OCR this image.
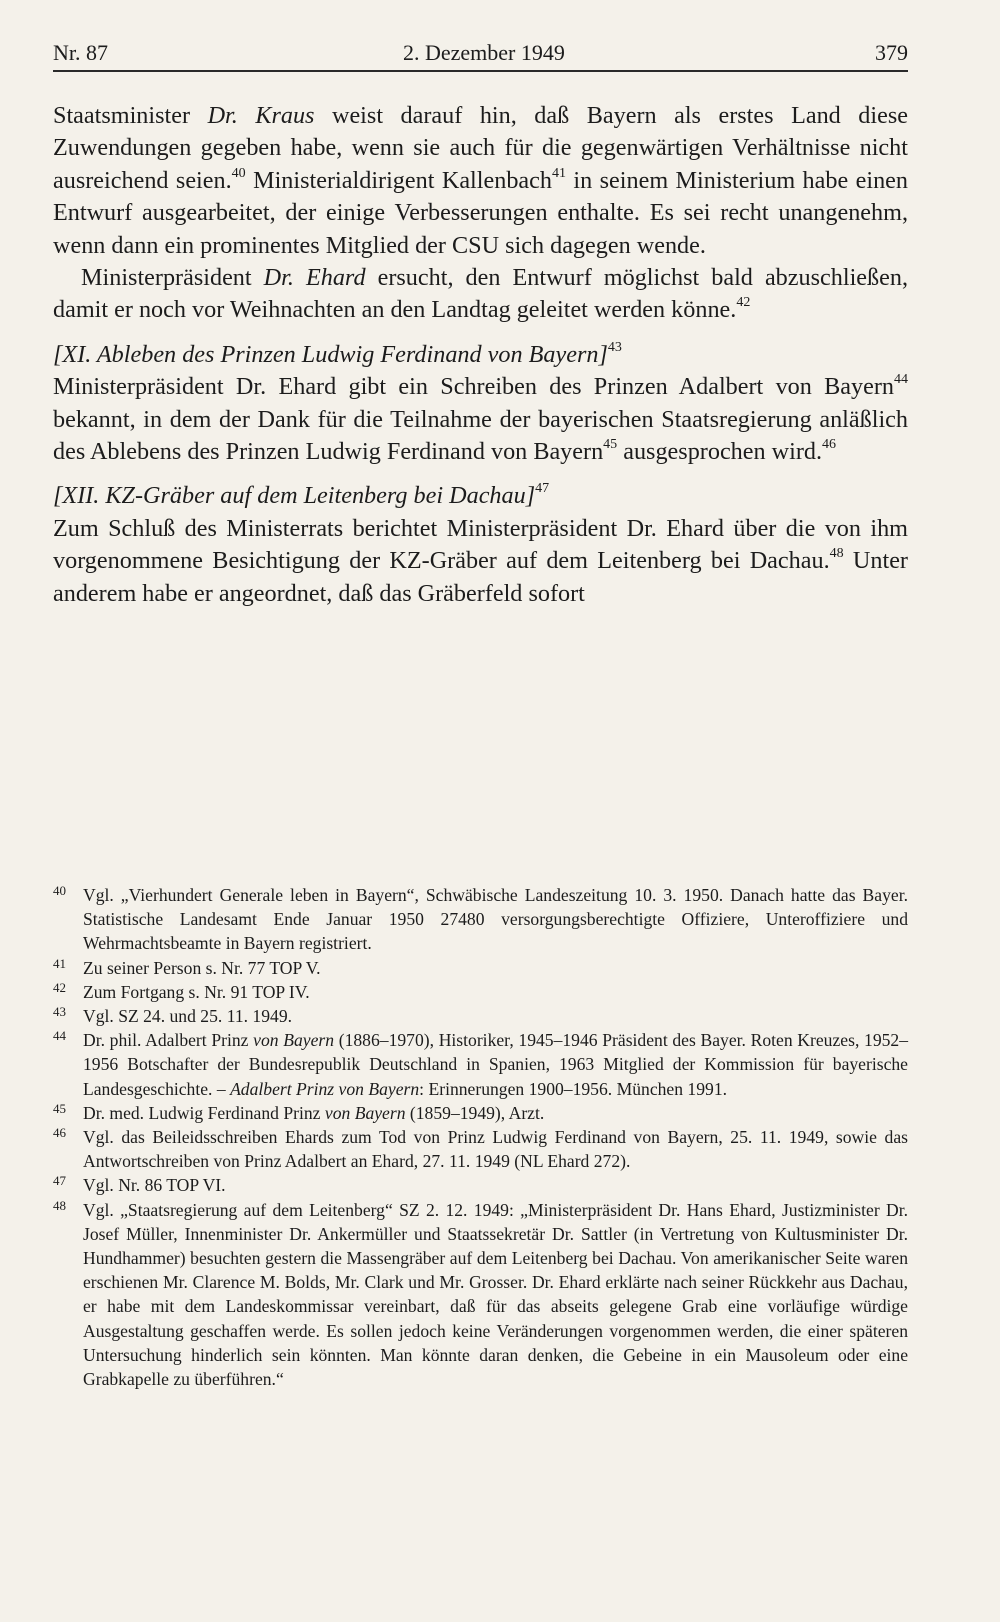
Nr. 87	2. Dezember 1949	379

Staatsminister Dr. Kraus weist darauf hin, daß Bayern als erstes Land diese Zuwendungen gegeben habe, wenn sie auch für die gegenwärtigen Verhältnisse nicht ausreichend seien.$^{40}$ Ministerialdirigent Kallenbach$^{41}$ in seinem Ministerium habe einen Entwurf ausgearbeitet, der einige Verbesserungen enthalte. Es sei recht unangenehm, wenn dann ein prominentes Mitglied der CSU sich dagegen wende.

Ministerpräsident Dr. Ehard ersucht, den Entwurf möglichst bald abzuschließen, damit er noch vor Weihnachten an den Landtag geleitet werden könne.$^{42}$

[XI. Ableben des Prinzen Ludwig Ferdinand von Bayern]$^{43}$

Ministerpräsident Dr. Ehard gibt ein Schreiben des Prinzen Adalbert von Bayern$^{44}$ bekannt, in dem der Dank für die Teilnahme der bayerischen Staatsregierung anläßlich des Ablebens des Prinzen Ludwig Ferdinand von Bayern$^{45}$ ausgesprochen wird.$^{46}$

[XII. KZ-Gräber auf dem Leitenberg bei Dachau]$^{47}$

Zum Schluß des Ministerrats berichtet Ministerpräsident Dr. Ehard über die von ihm vorgenommene Besichtigung der KZ-Gräber auf dem Leitenberg bei Dachau.$^{48}$ Unter anderem habe er angeordnet, daß das Gräberfeld sofort

40 Vgl. „Vierhundert Generale leben in Bayern“, Schwäbische Landeszeitung 10. 3. 1950. Danach hatte das Bayer. Statistische Landesamt Ende Januar 1950 27480 versorgungsberechtigte Offiziere, Unteroffiziere und Wehrmachtsbeamte in Bayern registriert.
41 Zu seiner Person s. Nr. 77 TOP V.
42 Zum Fortgang s. Nr. 91 TOP IV.
43 Vgl. SZ 24. und 25. 11. 1949.
44 Dr. phil. Adalbert Prinz von Bayern (1886–1970), Historiker, 1945–1946 Präsident des Bayer. Roten Kreuzes, 1952–1956 Botschafter der Bundesrepublik Deutschland in Spanien, 1963 Mitglied der Kommission für bayerische Landesgeschichte. – Adalbert Prinz von Bayern: Erinnerungen 1900–1956. München 1991.
45 Dr. med. Ludwig Ferdinand Prinz von Bayern (1859–1949), Arzt.
46 Vgl. das Beileidsschreiben Ehards zum Tod von Prinz Ludwig Ferdinand von Bayern, 25. 11. 1949, sowie das Antwortschreiben von Prinz Adalbert an Ehard, 27. 11. 1949 (NL Ehard 272).
47 Vgl. Nr. 86 TOP VI.
48 Vgl. „Staatsregierung auf dem Leitenberg“ SZ 2. 12. 1949: „Ministerpräsident Dr. Hans Ehard, Justizminister Dr. Josef Müller, Innenminister Dr. Ankermüller und Staatssekretär Dr. Sattler (in Vertretung von Kultusminister Dr. Hundhammer) besuchten gestern die Massengräber auf dem Leitenberg bei Dachau. Von amerikanischer Seite waren erschienen Mr. Clarence M. Bolds, Mr. Clark und Mr. Grosser. Dr. Ehard erklärte nach seiner Rückkehr aus Dachau, er habe mit dem Landeskommissar vereinbart, daß für das abseits gelegene Grab eine vorläufige würdige Ausgestaltung geschaffen werde. Es sollen jedoch keine Veränderungen vorgenommen werden, die einer späteren Untersuchung hinderlich sein könnten. Man könnte daran denken, die Gebeine in ein Mausoleum oder eine Grabkapelle zu überführen.“
